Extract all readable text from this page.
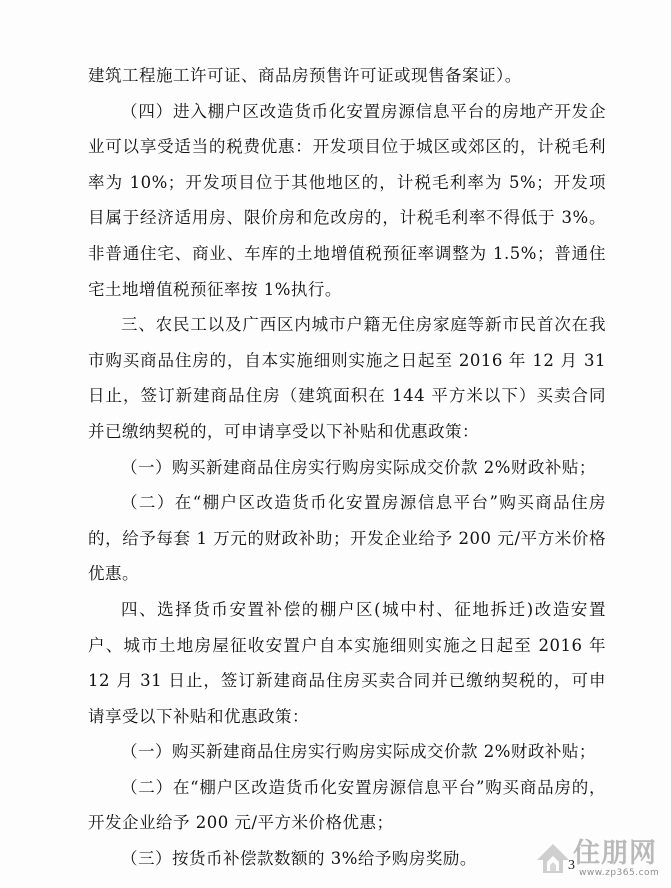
建筑工程施工许可证、商品房预售许可证或现售备案证）。

（四）进入棚户区改造货币化安置房源信息平台的房地产开发企业可以享受适当的税费优惠：开发项目位于城区或郊区的，计税毛利率为 10%；开发项目位于其他地区的，计税毛利率为 5%；开发项目属于经济适用房、限价房和危改房的，计税毛利率不得低于 3%。非普通住宅、商业、车库的土地增值税预征率调整为 1.5%；普通住宅土地增值税预征率按 1%执行。

三、农民工以及广西区内城市户籍无住房家庭等新市民首次在我市购买商品住房的，自本实施细则实施之日起至 2016 年 12 月 31 日止，签订新建商品住房（建筑面积在 144 平方米以下）买卖合同并已缴纳契税的，可申请享受以下补贴和优惠政策：

（一）购买新建商品住房实行购房实际成交价款 2%财政补贴；

（二）在“棚户区改造货币化安置房源信息平台”购买商品住房的，给予每套 1 万元的财政补助；开发企业给予 200 元/平方米价格优惠。

四、选择货币安置补偿的棚户区(城中村、征地拆迁)改造安置户、城市土地房屋征收安置户自本实施细则实施之日起至 2016 年 12 月 31 日止，签订新建商品住房买卖合同并已缴纳契税的，可申请享受以下补贴和优惠政策：

（一）购买新建商品住房实行购房实际成交价款 2%财政补贴；

（二）在“棚户区改造货币化安置房源信息平台”购买商品房的，开发企业给予 200 元/平方米价格优惠；

（三）按货币补偿款数额的 3%给予购房奖励。	3
住朋网
www.zp365.com
